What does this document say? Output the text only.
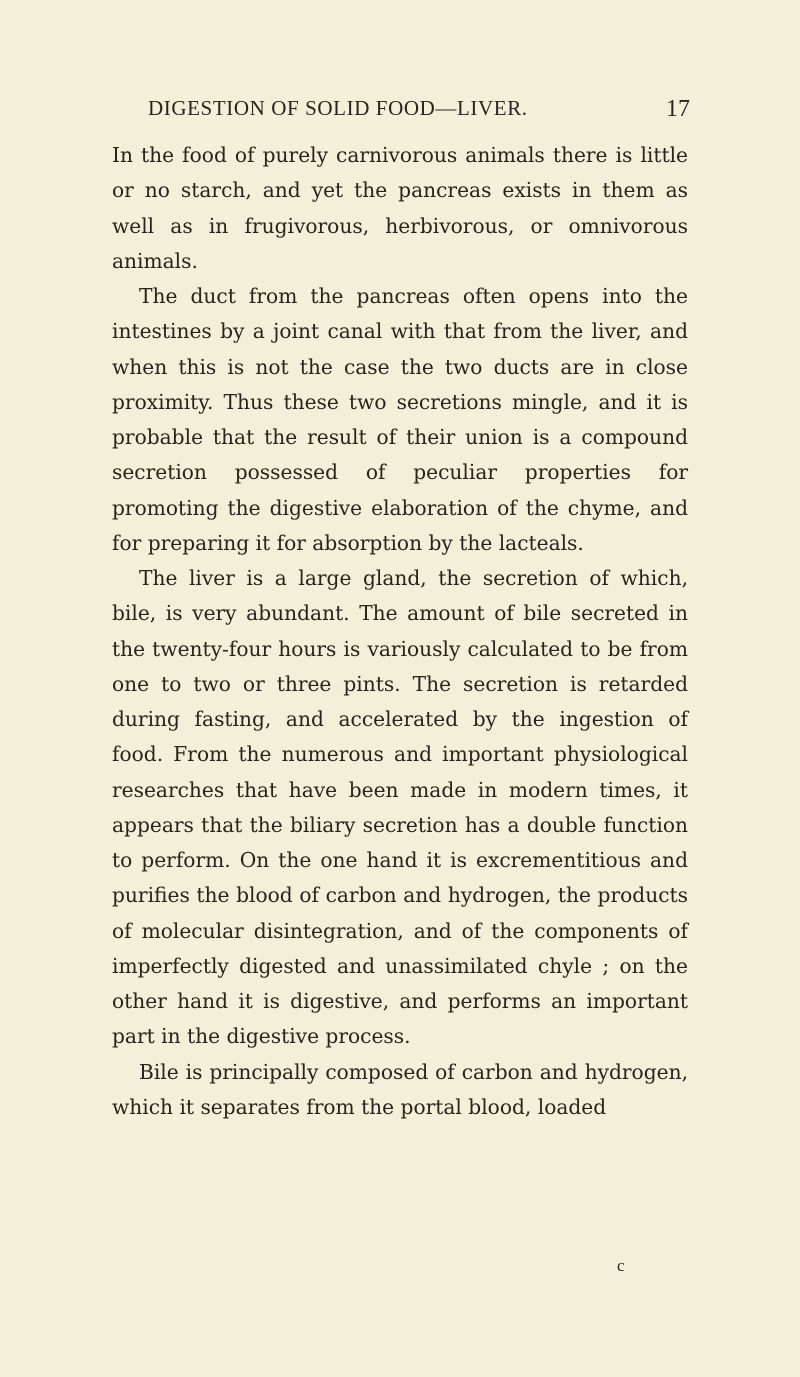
DIGESTION OF SOLID FOOD—LIVER.	17

In the food of purely carnivorous animals there is little or no starch, and yet the pancreas exists in them as well as in frugivorous, herbivorous, or omnivorous animals.

The duct from the pancreas often opens into the intestines by a joint canal with that from the liver, and when this is not the case the two ducts are in close proximity. Thus these two secretions mingle, and it is probable that the result of their union is a compound secretion possessed of peculiar properties for promoting the digestive elaboration of the chyme, and for preparing it for absorption by the lacteals.

The liver is a large gland, the secretion of which, bile, is very abundant. The amount of bile secreted in the twenty-four hours is variously calculated to be from one to two or three pints. The secretion is retarded during fasting, and accelerated by the ingestion of food. From the numerous and important physiological researches that have been made in modern times, it appears that the biliary secretion has a double function to perform. On the one hand it is excrementitious and purifies the blood of carbon and hydrogen, the products of molecular disintegration, and of the components of imperfectly digested and unassimilated chyle ; on the other hand it is digestive, and performs an important part in the digestive process.

Bile is principally composed of carbon and hydrogen, which it separates from the portal blood, loaded

c
